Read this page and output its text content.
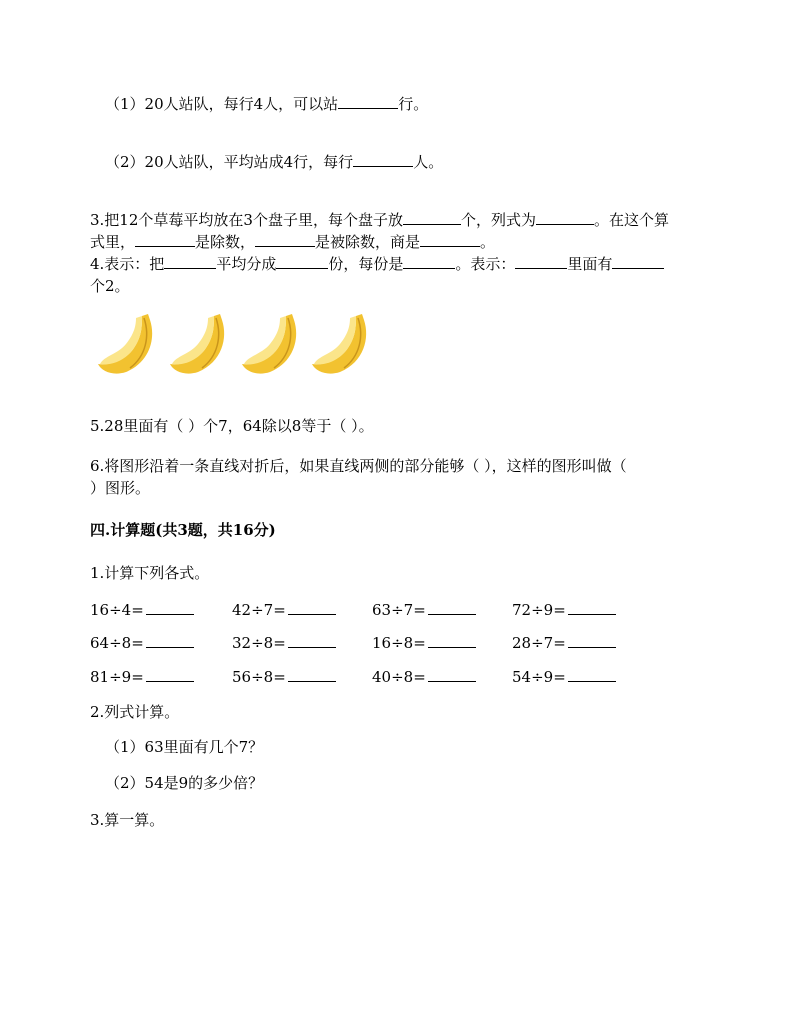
（1）20人站队，每行4人，可以站	行。
（2）20人站队，平均站成4行，每行	人。
3.把12个草莓平均放在3个盘子里，每个盘子放	个，列式为	。在这个算
式里，	是除数，	是被除数，商是	。
4.表示：把	平均分成	份，每份是	。表示：	里面有
个2。
5.28里面有（ ）个7，64除以8等于（ ）。
6.将图形沿着一条直线对折后，如果直线两侧的部分能够（ ），这样的图形叫做（
）图形。
四.计算题(共3题，共16分)
1.计算下列各式。
16÷4=	42÷7=	63÷7=	72÷9=
64÷8=	32÷8=	16÷8=	28÷7=
81÷9=	56÷8=	40÷8=	54÷9=
2.列式计算。
（1）63里面有几个7？
（2）54是9的多少倍？
3.算一算。
